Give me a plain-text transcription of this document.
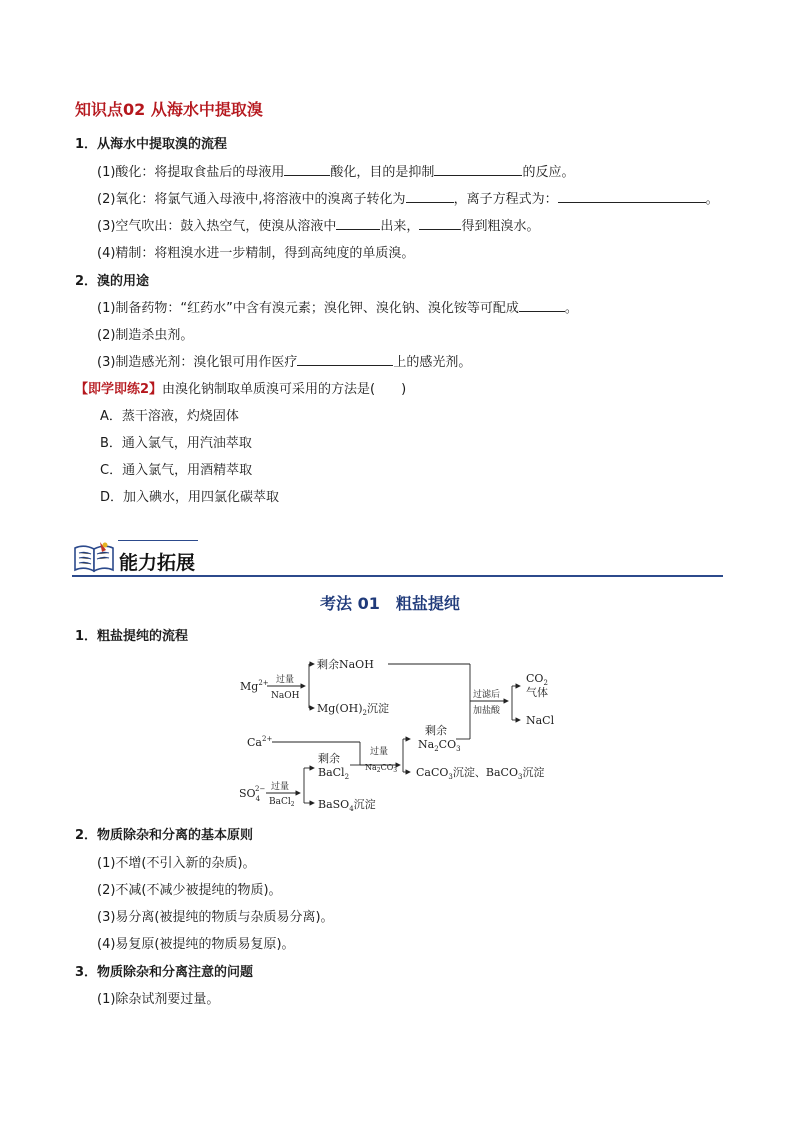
知识点02 从海水中提取溴
1．从海水中提取溴的流程
(1)酸化：将提取食盐后的母液用	酸化，目的是抑制	的反应。
(2)氧化：将氯气通入母液中,将溶液中的溴离子转化为	，离子方程式为：	。
(3)空气吹出：鼓入热空气，使溴从溶液中	出来，	得到粗溴水。
(4)精制：将粗溴水进一步精制，得到高纯度的单质溴。
2．溴的用途
(1)制备药物：“红药水”中含有溴元素；溴化钾、溴化钠、溴化铵等可配成	。
(2)制造杀虫剂。
(3)制造感光剂：溴化银可用作医疗	上的感光剂。
【即学即练2】由溴化钠制取单质溴可采用的方法是(　　)
A．蒸干溶液，灼烧固体
B．通入氯气，用汽油萃取
C．通入氯气，用酒精萃取
D．加入碘水，用四氯化碳萃取
能力拓展
考法 01　粗盐提纯
1．粗盐提纯的流程
$Mg^{2+}$ 过量
NaOH
剩余NaOH
$Mg(OH)_2$沉淀
$Ca^{2+}$
$SO_42-$ 过量
BaCl$_2$
剩余
BaCl$_2$
BaSO$_4$沉淀
过量
$Na_2CO_3$
剩余
$Na_2CO_3$
CaCO$_3$沉淀、BaCO$_3$沉淀
过滤后
加盐酸
$CO_2$
气体
NaCl
2．物质除杂和分离的基本原则
(1)不增(不引入新的杂质)。
(2)不减(不减少被提纯的物质)。
(3)易分离(被提纯的物质与杂质易分离)。
(4)易复原(被提纯的物质易复原)。
3．物质除杂和分离注意的问题
(1)除杂试剂要过量。
